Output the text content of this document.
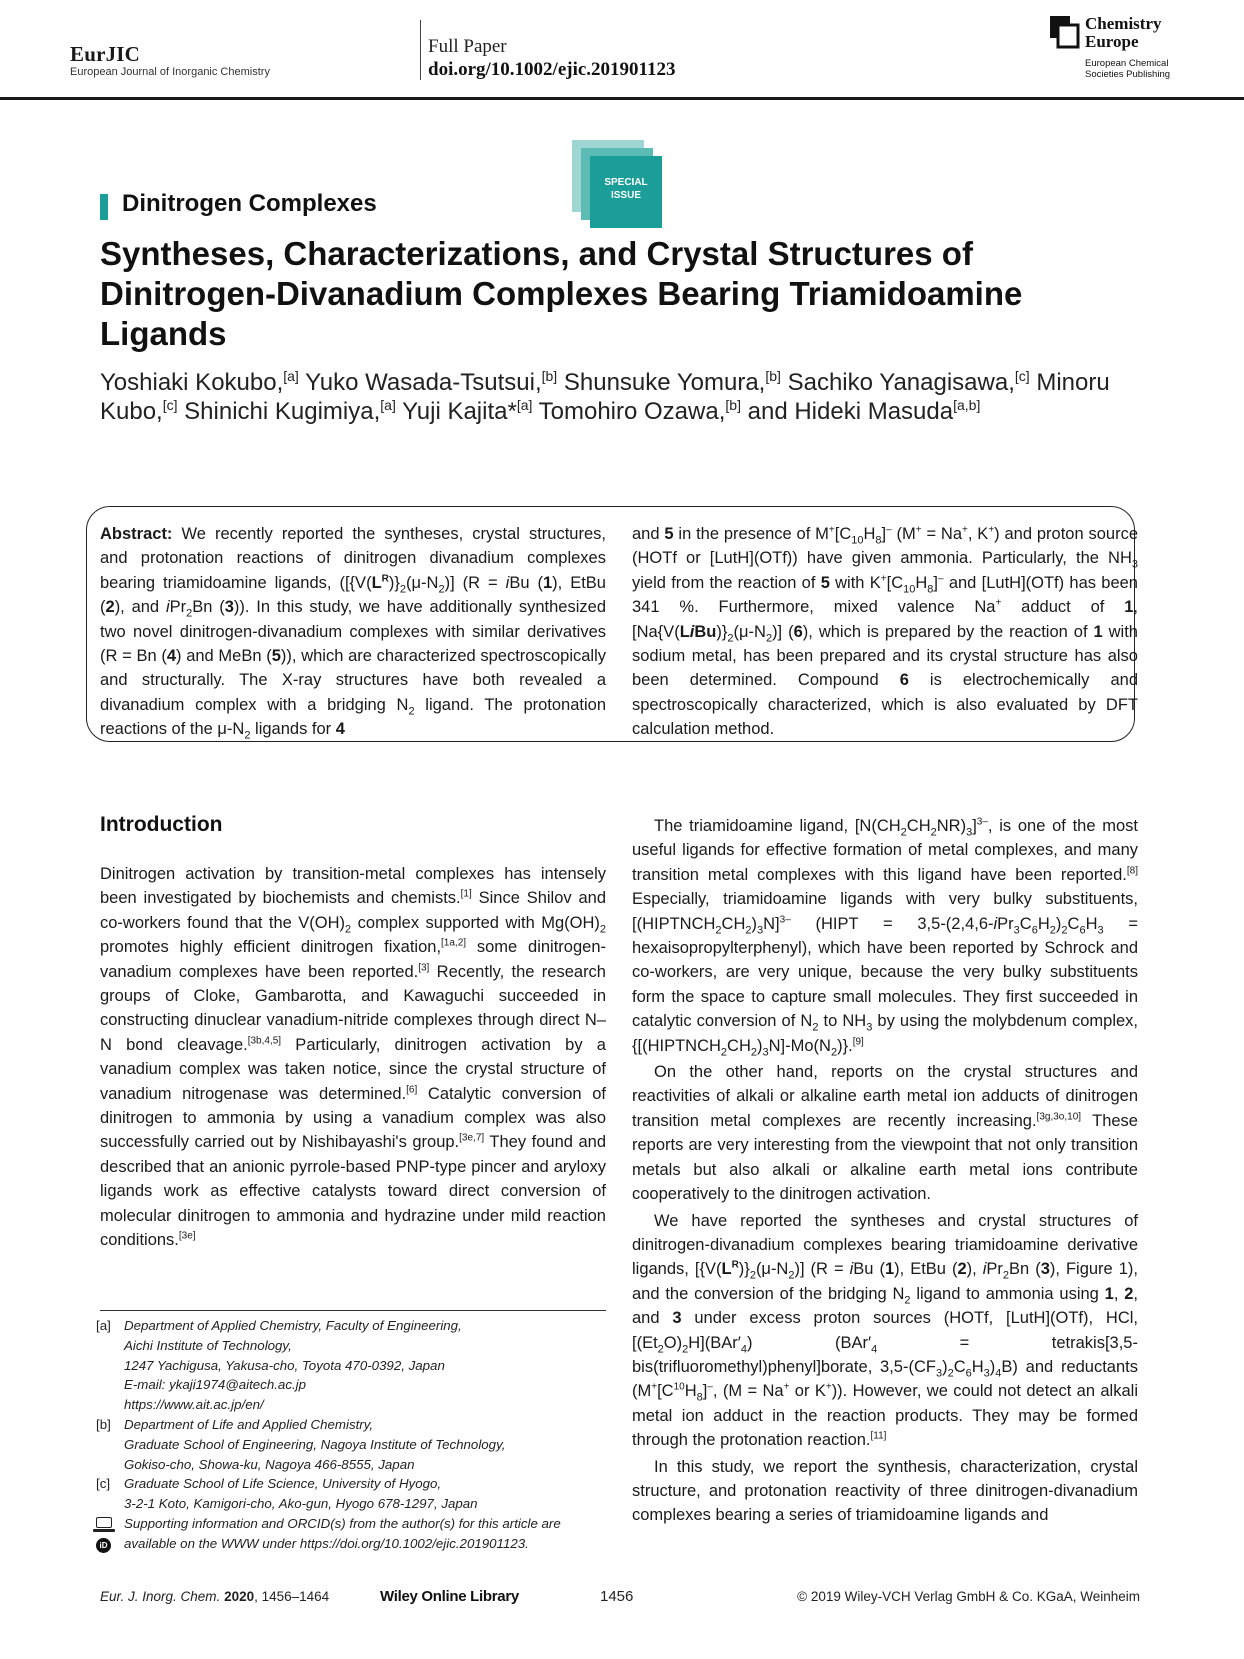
EurJIC
European Journal of Inorganic Chemistry
Full Paper
doi.org/10.1002/ejic.201901123
Chemistry Europe
European Chemical Societies Publishing
Dinitrogen Complexes
SPECIAL ISSUE
Syntheses, Characterizations, and Crystal Structures of Dinitrogen-Divanadium Complexes Bearing Triamidoamine Ligands
Yoshiaki Kokubo,[a] Yuko Wasada-Tsutsui,[b] Shunsuke Yomura,[b] Sachiko Yanagisawa,[c] Minoru Kubo,[c] Shinichi Kugimiya,[a] Yuji Kajita*[a] Tomohiro Ozawa,[b] and Hideki Masuda[a,b]
Abstract: We recently reported the syntheses, crystal structures, and protonation reactions of dinitrogen divanadium complexes bearing triamidoamine ligands, ($[\{V(L^R)\}_2(\mu-N_2)] (R$ = iBu (1), EtBu (2), and iPr$_2$Bn (3)). In this study, we have additionally synthesized two novel dinitrogen-divanadium complexes with similar derivatives (R = Bn (4) and MeBn (5)), which are characterized spectroscopically and structurally. The X-ray structures have both revealed a divanadium complex with a bridging $N_2$ ligand. The protonation reactions of the $\mu-N_2$ ligands for 4
and 5 in the presence of $M^+[C_{10}H_8]^-$ (M+ = Na+, K+) and proton source (HOTf or [LutH](OTf)) have given ammonia. Particularly, the $NH_3$ yield from the reaction of 5 with $K^+[C_{10}H_8]^-$ and [LutH](OTf) has been 341 %. Furthermore, mixed valence Na+ adduct of 1, $[Na\{V(LiBu)\}_2(\mu-N_2)]$ (6), which is prepared by the reaction of 1 with sodium metal, has been prepared and its crystal structure has also been determined. Compound 6 is electrochemically and spectroscopically characterized, which is also evaluated by DFT calculation method.
Introduction

Dinitrogen activation by transition-metal complexes has intensely been investigated by biochemists and chemists.[1] Since Shilov and co-workers found that the $V(OH)_2$ complex supported with $Mg(OH)_2$ promotes highly efficient dinitrogen fixation,[1a,2] some dinitrogen-vanadium complexes have been reported.[3] Recently, the research groups of Cloke, Gambarotta, and Kawaguchi succeeded in constructing dinuclear vanadium-nitride complexes through direct N–N bond cleavage.[3b,4,5] Particularly, dinitrogen activation by a vanadium complex was taken notice, since the crystal structure of vanadium nitrogenase was determined.[6] Catalytic conversion of dinitrogen to ammonia by using a vanadium complex was also successfully carried out by Nishibayashi's group.[3e,7] They found and described that an anionic pyrrole-based PNP-type pincer and aryloxy ligands work as effective catalysts toward direct conversion of molecular dinitrogen to ammonia and hydrazine under mild reaction conditions.[3e]

The triamidoamine ligand, $[N(CH_2CH_2NR)_3]^{3-}$, is one of the most useful ligands for effective formation of metal complexes, and many transition metal complexes with this ligand have been reported.[8] Especially, triamidoamine ligands with very bulky substituents, $[(HIPTNCH_2CH_2)_3N]^{3-}$ (HIPT = $3,5-(2,4,6-iPr_3C_6H_2)_2C_6H_3$ = hexaisopropylterphenyl), which have been reported by Schrock and co-workers, are very unique, because the very bulky substituents form the space to capture small molecules. They first succeeded in catalytic conversion of $N_2$ to $NH_3$ by using the molybdenum complex, $\{[(HIPTNCH_2CH_2)_3N]-Mo(N_2)\}.[9]$

On the other hand, reports on the crystal structures and reactivities of alkali or alkaline earth metal ion adducts of dinitrogen transition metal complexes are recently increasing.[3g,3o,10] These reports are very interesting from the viewpoint that not only transition metals but also alkali or alkaline earth metal ions contribute cooperatively to the dinitrogen activation.

We have reported the syntheses and crystal structures of dinitrogen-divanadium complexes bearing triamidoamine derivative ligands, $[\{V(L^R)\}_2(\mu-N_2)] (R$ = iBu (1), EtBu (2), iPr$_2$Bn (3), Figure 1), and the conversion of the bridging $N_2$ ligand to ammonia using 1, 2, and 3 under excess proton sources (HOTf, [LutH](OTf), HCl, $[(Et_2O)_2H](BAr'_4) (BAr'_4$ = tetrakis[3,5-bis(trifluoromethyl)phenyl]borate, $3,5-(CF_3)_2C_6H_3)_4B$) and reductants ($M^+[C^{10}H_8]^-$, (M = Na+ or K+)). However, we could not detect an alkali metal ion adduct in the reaction products. They may be formed through the protonation reaction.[11]

In this study, we report the synthesis, characterization, crystal structure, and protonation reactivity of three dinitrogen-divanadium complexes bearing a series of triamidoamine ligands and

[a] Department of Applied Chemistry, Faculty of Engineering,
Aichi Institute of Technology,
1247 Yachigusa, Yakusa-cho, Toyota 470-0392, Japan
E-mail: ykaji1974@aitech.ac.jp
https://www.ait.ac.jp/en/
[b] Department of Life and Applied Chemistry,
Graduate School of Engineering, Nagoya Institute of Technology,
Gokiso-cho, Showa-ku, Nagoya 466-8555, Japan
[c]	Graduate School of Life Science, University of Hyogo,
3-2-1 Koto, Kamigori-cho, Ako-gun, Hyogo 678-1297, Japan

iD
Supporting information and ORCID(s) from the author(s) for this article are
available on the WWW under https://doi.org/10.1002/ejic.201901123.
Eur. J. Inorg. Chem. 2020, 1456–1464	Wiley Online Library	1456	© 2019 Wiley-VCH Verlag GmbH & Co. KGaA, Weinheim
